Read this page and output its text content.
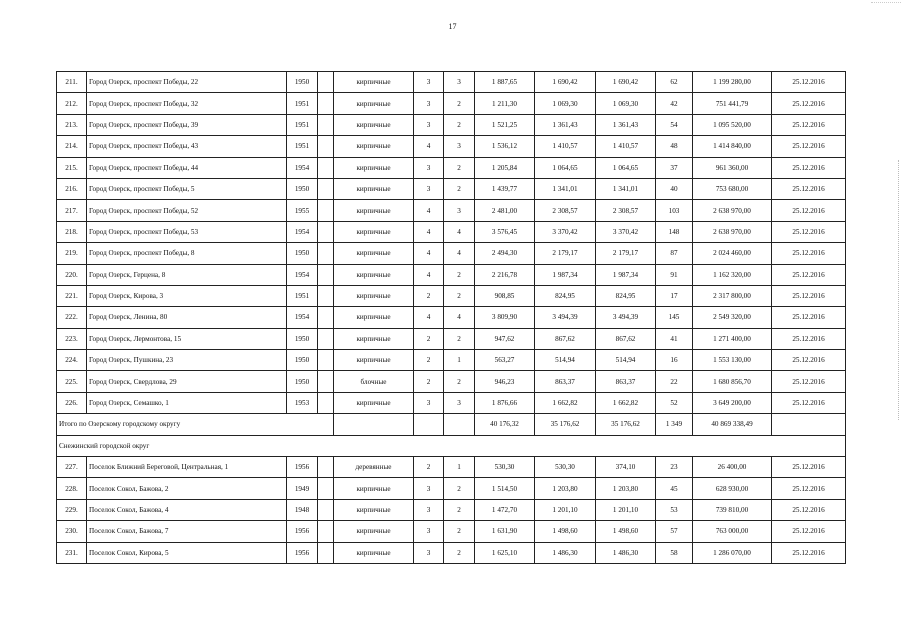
17
211.	Город Озерск, проспект Победы, 22	1950		кирпичные	3	3	1 887,65	1 690,42	1 690,42	62	1 199 280,00	25.12.2016
212.	Город Озерск, проспект Победы, 32	1951		кирпичные	3	2	1 211,30	1 069,30	1 069,30	42	751 441,79	25.12.2016
213.	Город Озерск, проспект Победы, 39	1951		кирпичные	3	2	1 521,25	1 361,43	1 361,43	54	1 095 520,00	25.12.2016
214.	Город Озерск, проспект Победы, 43	1951		кирпичные	4	3	1 536,12	1 410,57	1 410,57	48	1 414 840,00	25.12.2016
215.	Город Озерск, проспект Победы, 44	1954		кирпичные	3	2	1 205,84	1 064,65	1 064,65	37	961 360,00	25.12.2016
216.	Город Озерск, проспект Победы, 5	1950		кирпичные	3	2	1 439,77	1 341,01	1 341,01	40	753 680,00	25.12.2016
217.	Город Озерск, проспект Победы, 52	1955		кирпичные	4	3	2 481,00	2 308,57	2 308,57	103	2 638 970,00	25.12.2016
218.	Город Озерск, проспект Победы, 53	1954		кирпичные	4	4	3 576,45	3 370,42	3 370,42	148	2 638 970,00	25.12.2016
219.	Город Озерск, проспект Победы, 8	1950		кирпичные	4	4	2 494,30	2 179,17	2 179,17	87	2 024 460,00	25.12.2016
220.	Город Озерск, Герцена, 8	1954		кирпичные	4	2	2 216,78	1 987,34	1 987,34	91	1 162 320,00	25.12.2016
221.	Город Озерск, Кирова, 3	1951		кирпичные	2	2	908,85	824,95	824,95	17	2 317 800,00	25.12.2016
222.	Город Озерск, Ленина, 80	1954		кирпичные	4	4	3 809,90	3 494,39	3 494,39	145	2 549 320,00	25.12.2016
223.	Город Озерск, Лермонтова, 15	1950		кирпичные	2	2	947,62	867,62	867,62	41	1 271 400,00	25.12.2016
224.	Город Озерск, Пушкина, 23	1950		кирпичные	2	1	563,27	514,94	514,94	16	1 553 130,00	25.12.2016
225.	Город Озерск, Свердлова, 29	1950		блочные	2	2	946,23	863,37	863,37	22	1 680 856,70	25.12.2016
226.	Город Озерск, Семашко, 1	1953		кирпичные	3	3	1 876,66	1 662,82	1 662,82	52	3 649 200,00	25.12.2016
Итого по Озерскому городскому округу							40 176,32	35 176,62	35 176,62	1 349	40 869 338,49	
Снежинский городской округ												
227.	Поселок Ближний Береговой, Центральная, 1	1956		деревянные	2	1	530,30	530,30	374,10	23	26 400,00	25.12.2016
228.	Поселок Сокол, Бажова, 2	1949		кирпичные	3	2	1 514,50	1 203,80	1 203,80	45	628 930,00	25.12.2016
229.	Поселок Сокол, Бажова, 4	1948		кирпичные	3	2	1 472,70	1 201,10	1 201,10	53	739 810,00	25.12.2016
230.	Поселок Сокол, Бажова, 7	1956		кирпичные	3	2	1 631,90	1 498,60	1 498,60	57	763 000,00	25.12.2016
231.	Поселок Сокол, Кирова, 5	1956		кирпичные	3	2	1 625,10	1 486,30	1 486,30	58	1 286 070,00	25.12.2016
